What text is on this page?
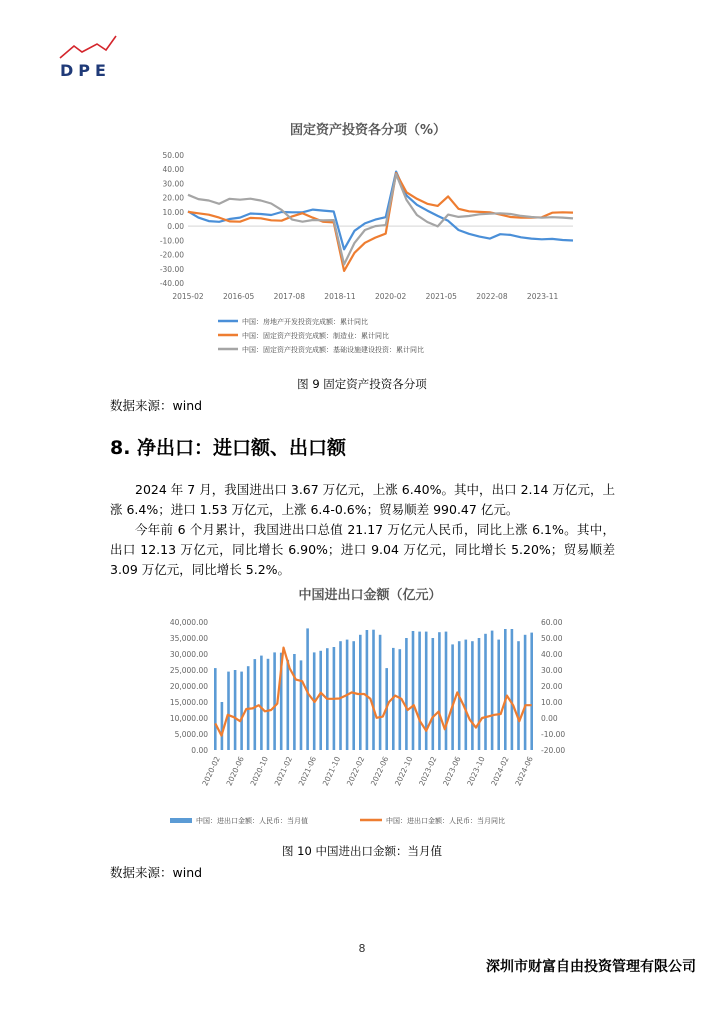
DPE
固定资产投资各分项（%）
50.00
40.00
30.00
20.00
10.00
0.00
-10.00
-20.00
-30.00
-40.00
2015-02	2016-05	2017-08	2018-11	2020-02	2021-05	2022-08	2023-11
中国：房地产开发投资完成额：累计同比
中国：固定资产投资完成额：制造业：累计同比
中国：固定资产投资完成额：基础设施建设投资：累计同比
图 9 固定资产投资各分项
数据来源：wind
8. 净出口：进口额、出口额
2024 年 7 月，我国进出口 3.67 万亿元，上涨 6.40%。其中，出口 2.14 万亿元，上涨 6.4%；进口 1.53 万亿元，上涨 6.4-0.6%；贸易顺差 990.47 亿元。
今年前 6 个月累计，我国进出口总值 21.17 万亿元人民币，同比上涨 6.1%。其中，出口 12.13 万亿元，同比增长 6.90%；进口 9.04 万亿元，同比增长 5.20%；贸易顺差 3.09 万亿元，同比增长 5.2%。
中国进出口金额（亿元）
40,000.00
35,000.00
30,000.00
25,000.00
20,000.00
15,000.00
10,000.00
5,000.00
0.00
60.00
50.00
40.00
30.00
20.00
10.00
0.00
-10.00
-20.00
2020-02 2020-06 2020-10 2021-02 2021-06 2021-10 2022-02 2022-06 2022-10 2023-02 2023-06 2023-10 2024-02 2024-06
中国：进出口金额：人民币：当月值	中国：进出口金额：人民币：当月同比
图 10 中国进出口金额：当月值
数据来源：wind
8
深圳市财富自由投资管理有限公司
